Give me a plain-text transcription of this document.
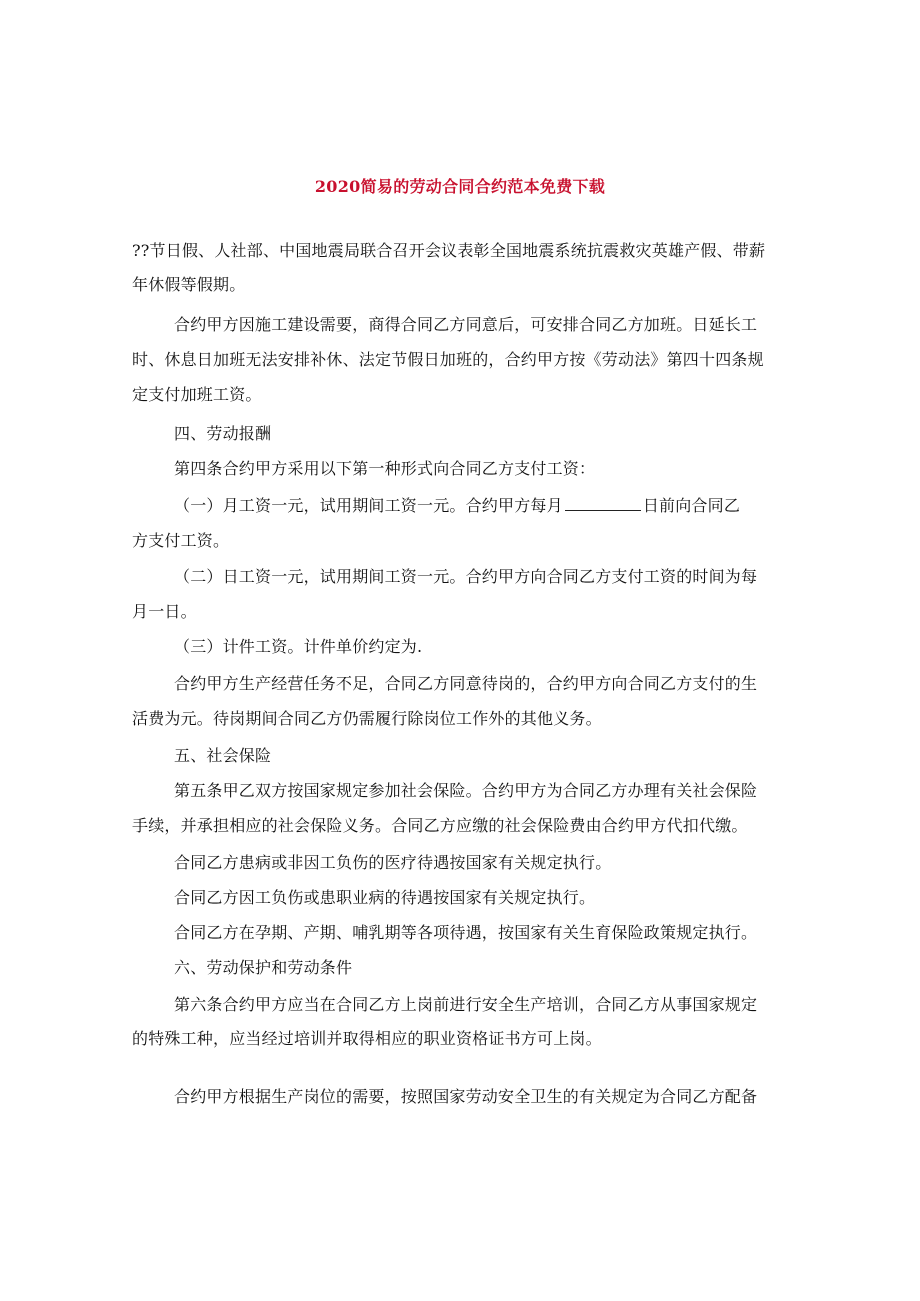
2020简易的劳动合同合约范本免费下载
??节日假、人社部、中国地震局联合召开会议表彰全国地震系统抗震救灾英雄产假、带薪
年休假等假期。
合约甲方因施工建设需要，商得合同乙方同意后，可安排合同乙方加班。日延长工
时、休息日加班无法安排补休、法定节假日加班的，合约甲方按《劳动法》第四十四条规
定支付加班工资。
四、劳动报酬
第四条合约甲方采用以下第一种形式向合同乙方支付工资：
（一）月工资一元，试用期间工资一元。合约甲方每月	日前向合同乙
方支付工资。
（二）日工资一元，试用期间工资一元。合约甲方向合同乙方支付工资的时间为每
月一日。
（三）计件工资。计件单价约定为.
合约甲方生产经营任务不足，合同乙方同意待岗的，合约甲方向合同乙方支付的生
活费为元。待岗期间合同乙方仍需履行除岗位工作外的其他义务。
五、社会保险
第五条甲乙双方按国家规定参加社会保险。合约甲方为合同乙方办理有关社会保险
手续，并承担相应的社会保险义务。合同乙方应缴的社会保险费由合约甲方代扣代缴。
合同乙方患病或非因工负伤的医疗待遇按国家有关规定执行。
合同乙方因工负伤或患职业病的待遇按国家有关规定执行。
合同乙方在孕期、产期、哺乳期等各项待遇，按国家有关生育保险政策规定执行。
六、劳动保护和劳动条件
第六条合约甲方应当在合同乙方上岗前进行安全生产培训，合同乙方从事国家规定
的特殊工种，应当经过培训并取得相应的职业资格证书方可上岗。
合约甲方根据生产岗位的需要，按照国家劳动安全卫生的有关规定为合同乙方配备
